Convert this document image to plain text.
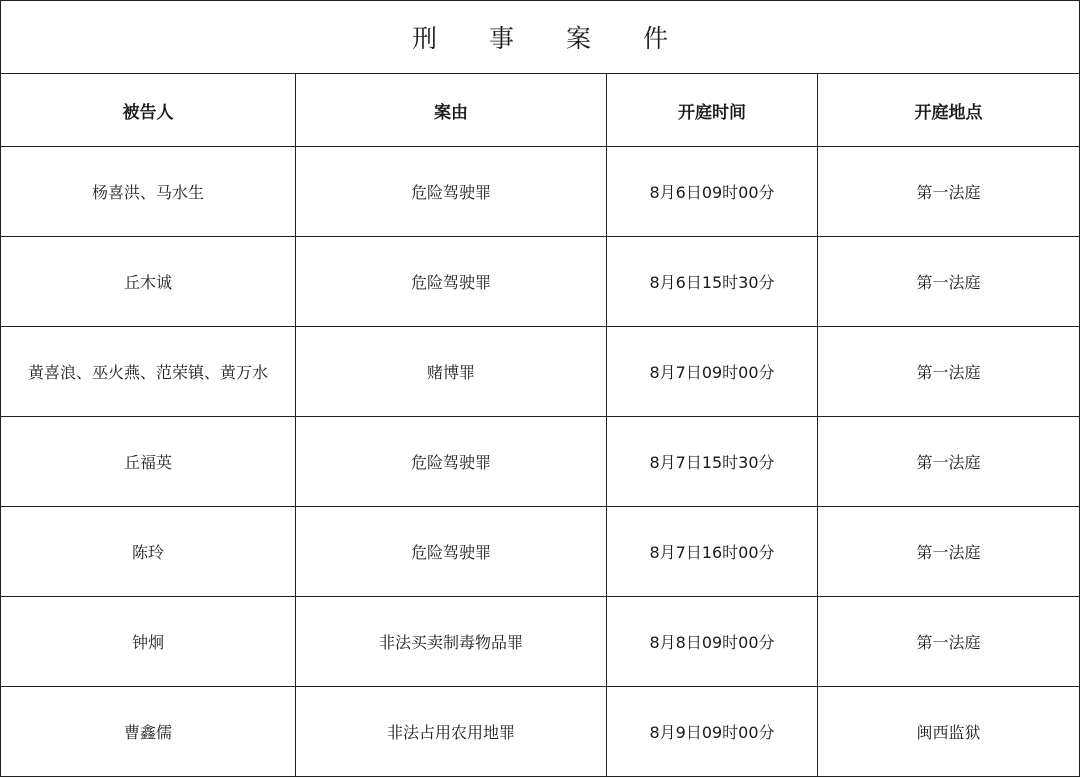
刑事案件			
被告人	案由	开庭时间	开庭地点
杨喜洪、马水生	危险驾驶罪	8月6日09时00分	第一法庭
丘木诚	危险驾驶罪	8月6日15时30分	第一法庭
黄喜浪、巫火燕、范荣镇、黄万水	赌博罪	8月7日09时00分	第一法庭
丘福英	危险驾驶罪	8月7日15时30分	第一法庭
陈玲	危险驾驶罪	8月7日16时00分	第一法庭
钟炯	非法买卖制毒物品罪	8月8日09时00分	第一法庭
曹鑫儒	非法占用农用地罪	8月9日09时00分	闽西监狱
